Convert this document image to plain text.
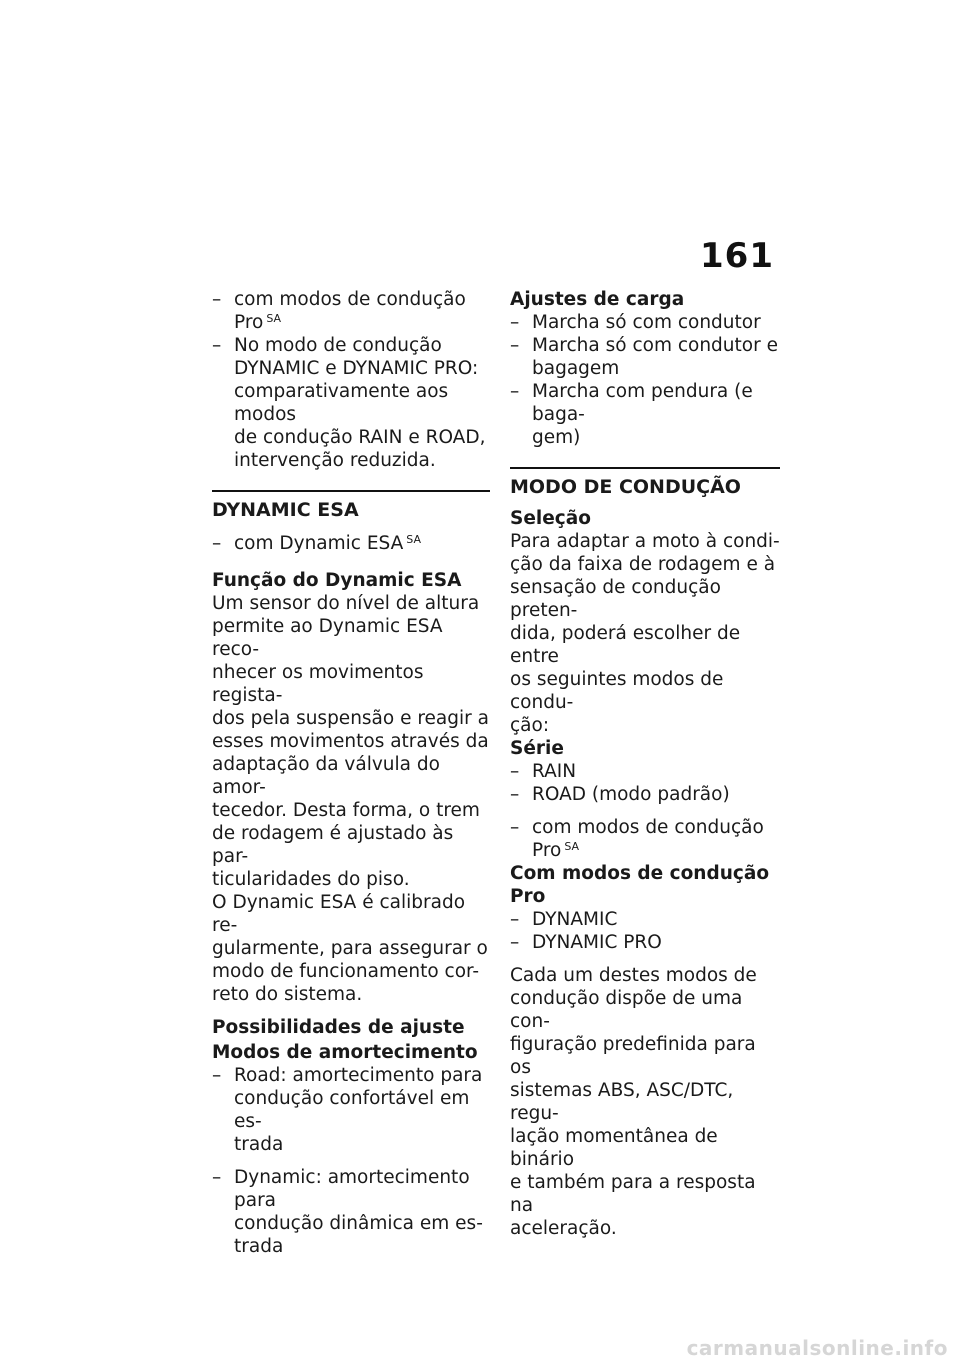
161
– com modos de condução
Pro $^{SA}$
– No modo de condução
DYNAMIC e DYNAMIC PRO:
comparativamente aos modos
de condução RAIN e ROAD,
intervenção reduzida.
DYNAMIC ESA
– com Dynamic ESA $^{SA}$
Função do Dynamic ESA
Um sensor do nível de altura
permite ao Dynamic ESA reco-
nhecer os movimentos regista-
dos pela suspensão e reagir a
esses movimentos através da
adaptação da válvula do amor-
tecedor. Desta forma, o trem
de rodagem é ajustado às par-
ticularidades do piso.
O Dynamic ESA é calibrado re-
gularmente, para assegurar o
modo de funcionamento cor-
reto do sistema.
Possibilidades de ajuste
Modos de amortecimento
– Road: amortecimento para
condução confortável em es-
trada
– Dynamic: amortecimento para
condução dinâmica em es-
trada
Ajustes de carga
– Marcha só com condutor
– Marcha só com condutor e
bagagem
– Marcha com pendura (e baga-
gem)
MODO DE CONDUÇÃO
Seleção
Para adaptar a moto à condi-
ção da faixa de rodagem e à
sensação de condução preten-
dida, poderá escolher de entre
os seguintes modos de condu-
ção:
Série
– RAIN
– ROAD (modo padrão)
– com modos de condução
Pro $^{SA}$
Com modos de condução Pro
– DYNAMIC
– DYNAMIC PRO
Cada um destes modos de
condução dispõe de uma con-
figuração predefinida para os
sistemas ABS, ASC/DTC, regu-
lação momentânea de binário
e também para a resposta na
aceleração.
carmanualsonline.info
